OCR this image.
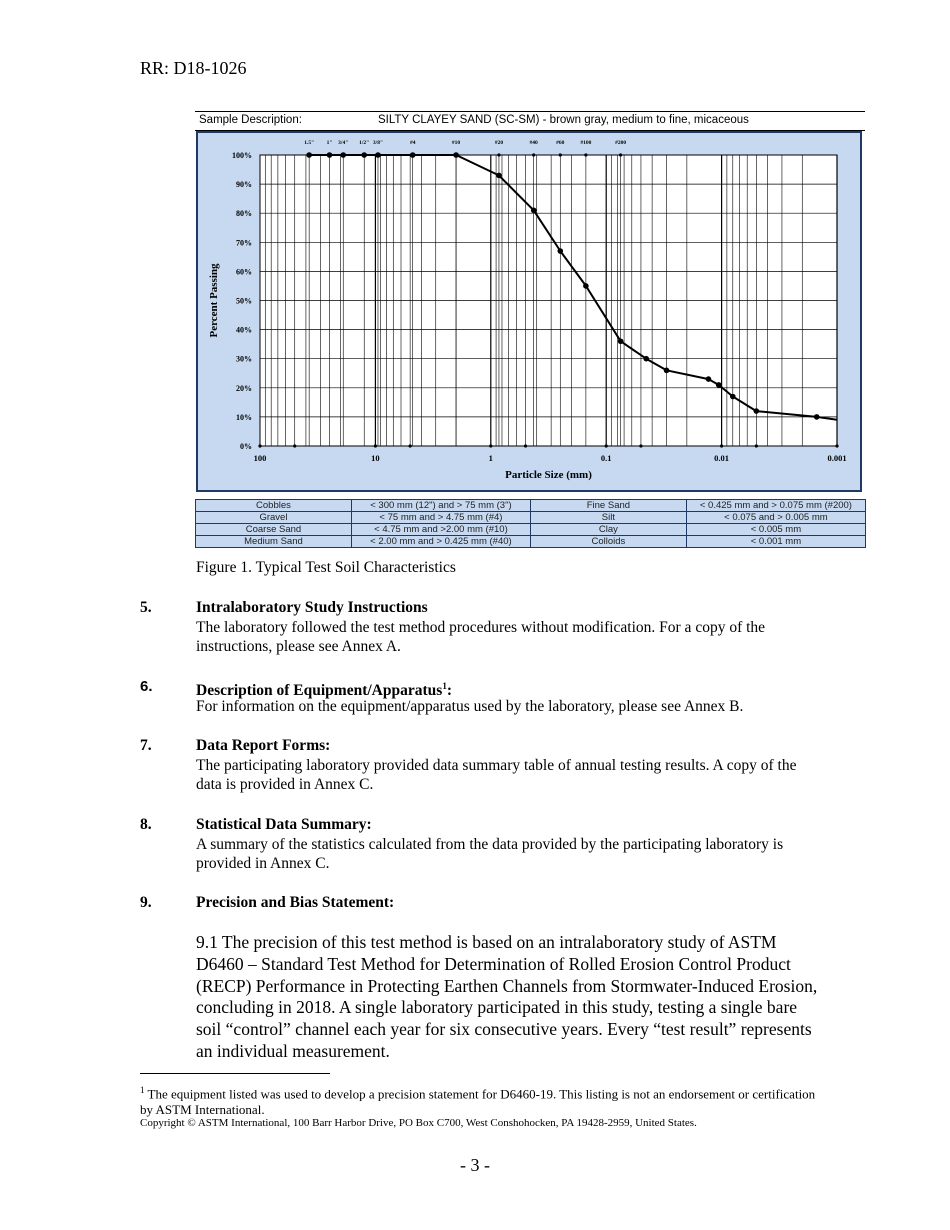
RR: D18-1026
Sample Description:	SILTY CLAYEY SAND (SC-SM) - brown gray, medium to fine, micaceous
0%
10%
20%
30%
40%
50%
60%
70%
80%
90%
100%
100	10	1	0.1	0.01	0.001
1.5" 1" 3/4" 1/2" 3/8"	#4	#10	#20	#40	#60	#100	#200
Particle Size (mm)
Percent Passing
Cobbles	< 300 mm (12") and > 75 mm (3")	Fine Sand	< 0.425 mm and > 0.075 mm (#200)
Gravel	< 75 mm and > 4.75 mm (#4)	Silt	< 0.075 and > 0.005 mm
Coarse Sand	< 4.75 mm and >2.00 mm (#10)	Clay	< 0.005 mm
Medium Sand	< 2.00 mm and > 0.425 mm (#40)	Colloids	< 0.001 mm
Figure 1. Typical Test Soil Characteristics
5.	Intralaboratory Study Instructions
The laboratory followed the test method procedures without modification. For a copy of the instructions, please see Annex A.
6.	Description of Equipment/Apparatus$^1$:
For information on the equipment/apparatus used by the laboratory, please see Annex B.
7.	Data Report Forms:
The participating laboratory provided data summary table of annual testing results. A copy of the data is provided in Annex C.
8.	Statistical Data Summary:
A summary of the statistics calculated from the data provided by the participating laboratory is provided in Annex C.
9.	Precision and Bias Statement:
9.1 The precision of this test method is based on an intralaboratory study of ASTM D6460 – Standard Test Method for Determination of Rolled Erosion Control Product (RECP) Performance in Protecting Earthen Channels from Stormwater-Induced Erosion, concluding in 2018. A single laboratory participated in this study, testing a single bare soil “control” channel each year for six consecutive years. Every “test result” represents an individual measurement.
$^1$ The equipment listed was used to develop a precision statement for D6460-19. This listing is not an endorsement or certification by ASTM International.
Copyright © ASTM International, 100 Barr Harbor Drive, PO Box C700, West Conshohocken, PA 19428-2959, United States.
- 3 -
